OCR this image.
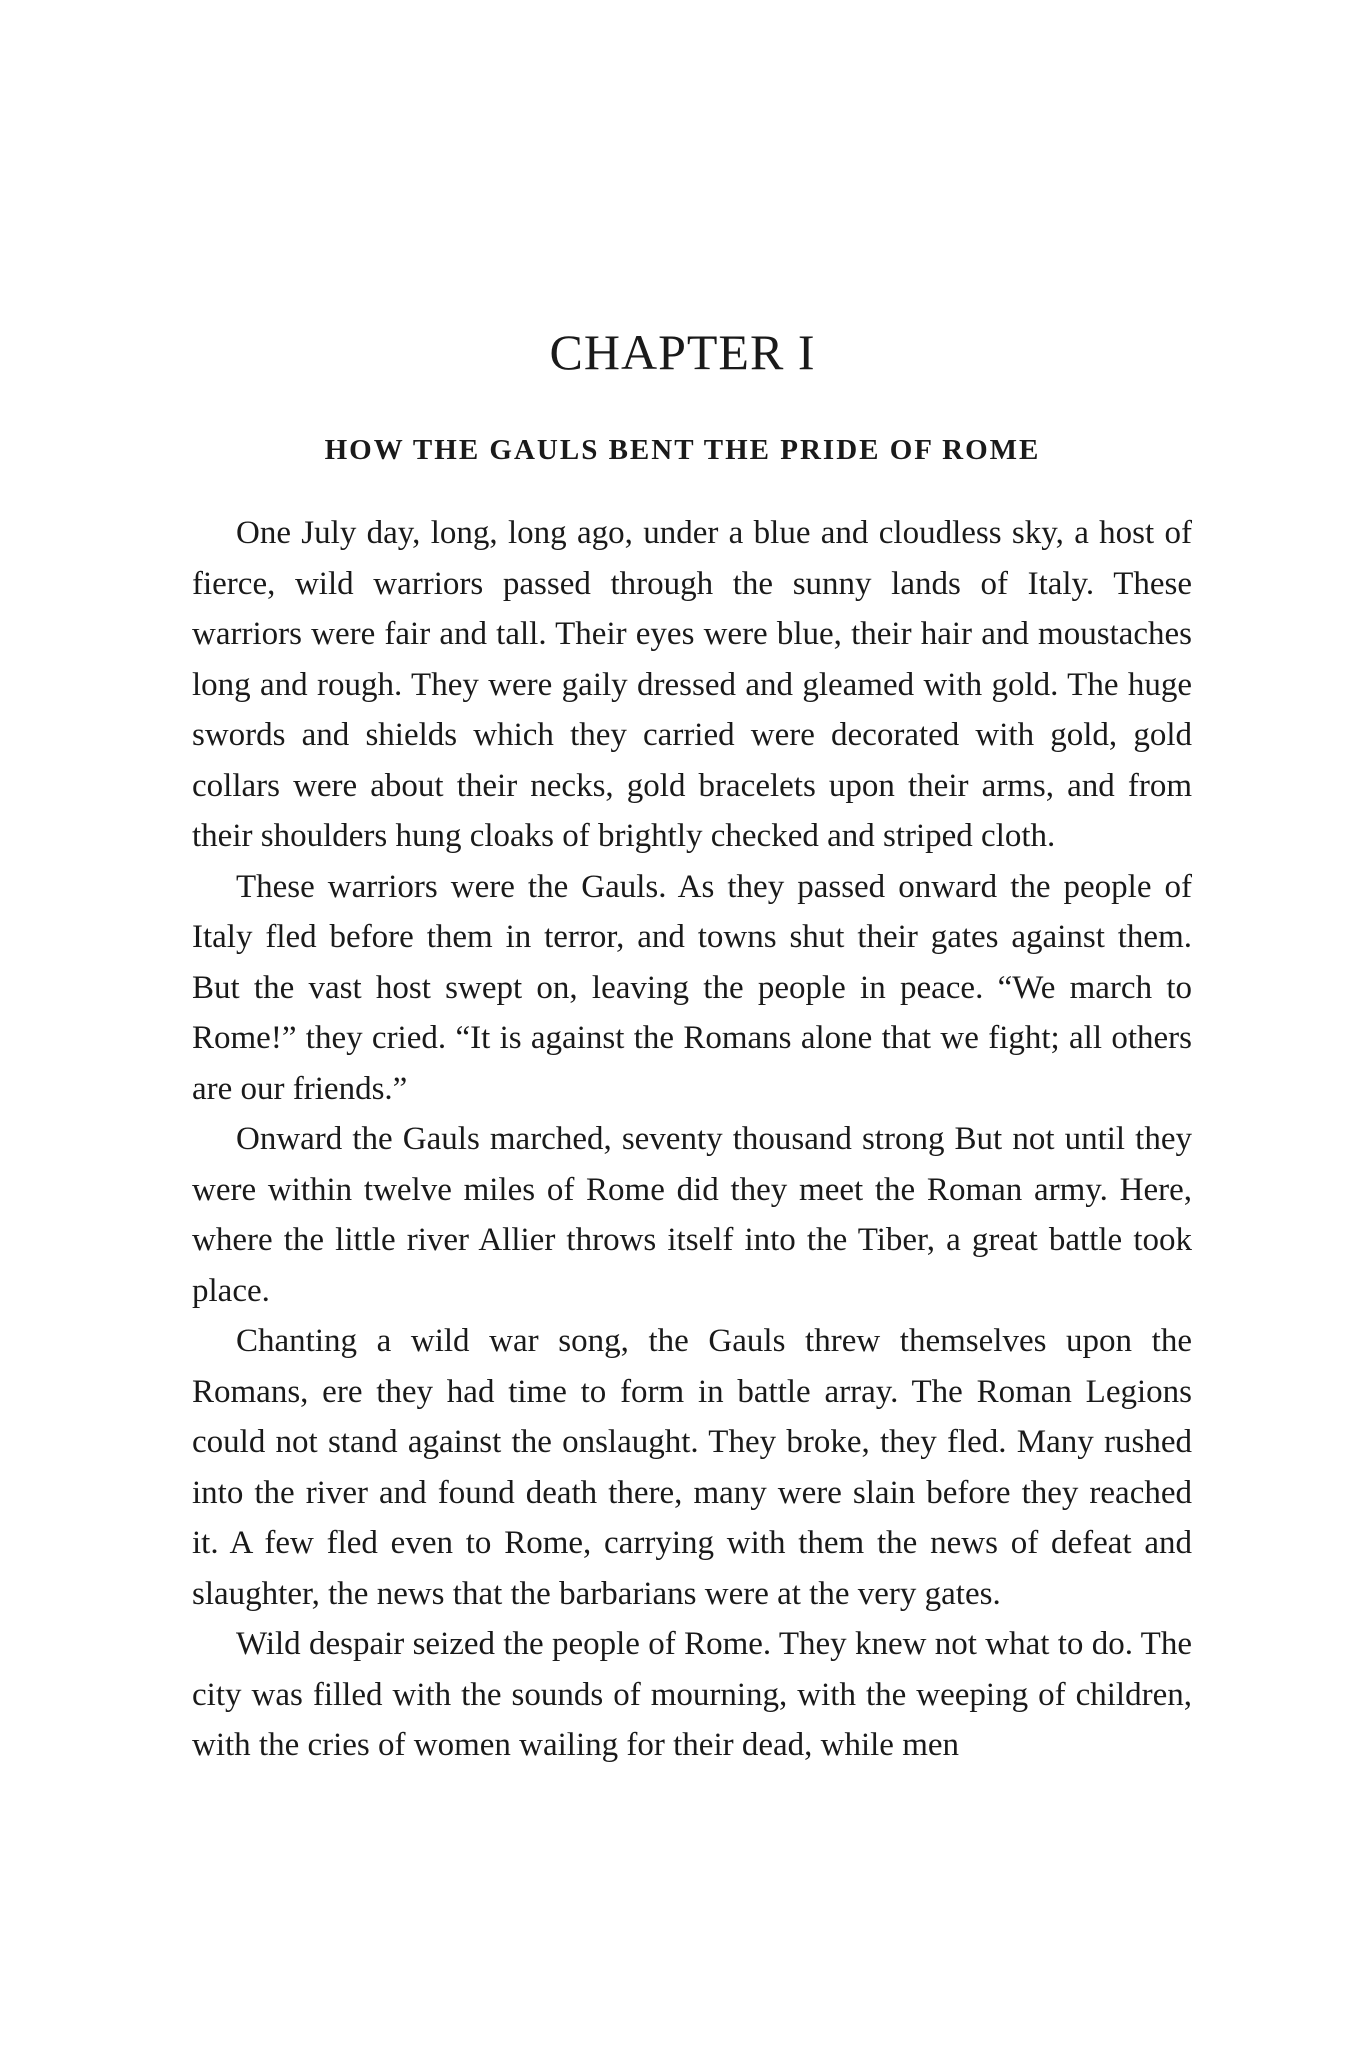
CHAPTER I
HOW THE GAULS BENT THE PRIDE OF ROME

One July day, long, long ago, under a blue and cloudless sky, a host of fierce, wild warriors passed through the sunny lands of Italy. These warriors were fair and tall. Their eyes were blue, their hair and moustaches long and rough. They were gaily dressed and gleamed with gold. The huge swords and shields which they carried were decorated with gold, gold collars were about their necks, gold bracelets upon their arms, and from their shoulders hung cloaks of brightly checked and striped cloth.

These warriors were the Gauls. As they passed onward the people of Italy fled before them in terror, and towns shut their gates against them. But the vast host swept on, leaving the people in peace. “We march to Rome!” they cried. “It is against the Romans alone that we fight; all others are our friends.”

Onward the Gauls marched, seventy thousand strong But not until they were within twelve miles of Rome did they meet the Roman army. Here, where the little river Allier throws itself into the Tiber, a great battle took place.

Chanting a wild war song, the Gauls threw themselves upon the Romans, ere they had time to form in battle array. The Roman Legions could not stand against the onslaught. They broke, they fled. Many rushed into the river and found death there, many were slain before they reached it. A few fled even to Rome, carrying with them the news of defeat and slaughter, the news that the barbarians were at the very gates.

Wild despair seized the people of Rome. They knew not what to do. The city was filled with the sounds of mourning, with the weeping of children, with the cries of women wailing for their dead, while men
